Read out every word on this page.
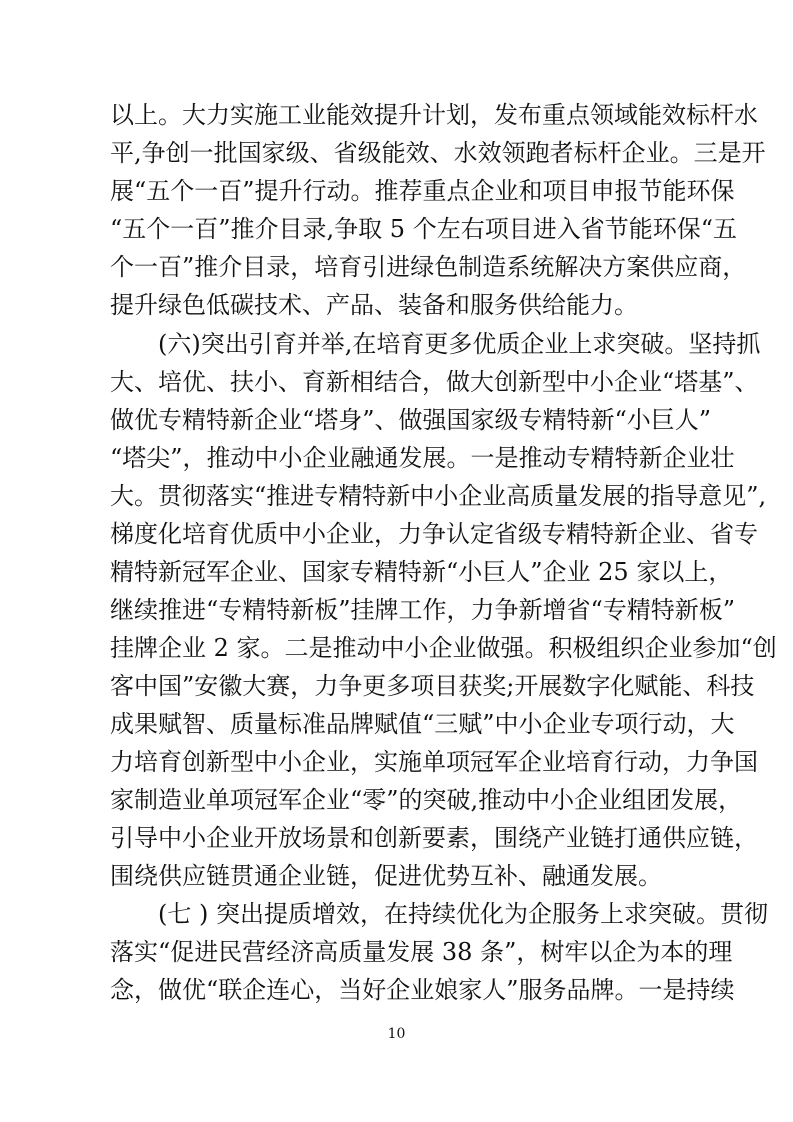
以上。大力实施工业能效提升计划，发布重点领域能效标杆水
平,争创一批国家级、省级能效、水效领跑者标杆企业。三是开
展“五个一百”提升行动。推荐重点企业和项目申报节能环保
“五个一百”推介目录,争取 5 个左右项目进入省节能环保“五
个一百”推介目录，培育引进绿色制造系统解决方案供应商，
提升绿色低碳技术、产品、装备和服务供给能力。
(六)突出引育并举,在培育更多优质企业上求突破。坚持抓
大、培优、扶小、育新相结合，做大创新型中小企业“塔基”、
做优专精特新企业“塔身”、做强国家级专精特新“小巨人”
“塔尖”，推动中小企业融通发展。一是推动专精特新企业壮
大。贯彻落实“推进专精特新中小企业高质量发展的指导意见”,
梯度化培育优质中小企业，力争认定省级专精特新企业、省专
精特新冠军企业、国家专精特新“小巨人”企业 25 家以上，
继续推进“专精特新板”挂牌工作，力争新增省“专精特新板”
挂牌企业 2 家。二是推动中小企业做强。积极组织企业参加“创
客中国”安徽大赛，力争更多项目获奖;开展数字化赋能、科技
成果赋智、质量标准品牌赋值“三赋”中小企业专项行动，大
力培育创新型中小企业，实施单项冠军企业培育行动，力争国
家制造业单项冠军企业“零”的突破,推动中小企业组团发展，
引导中小企业开放场景和创新要素，围绕产业链打通供应链，
围绕供应链贯通企业链，促进优势互补、融通发展。
(七 ) 突出提质增效，在持续优化为企服务上求突破。贯彻
落实“促进民营经济高质量发展 38 条”，树牢以企为本的理
念，做优“联企连心，当好企业娘家人”服务品牌。一是持续
10
